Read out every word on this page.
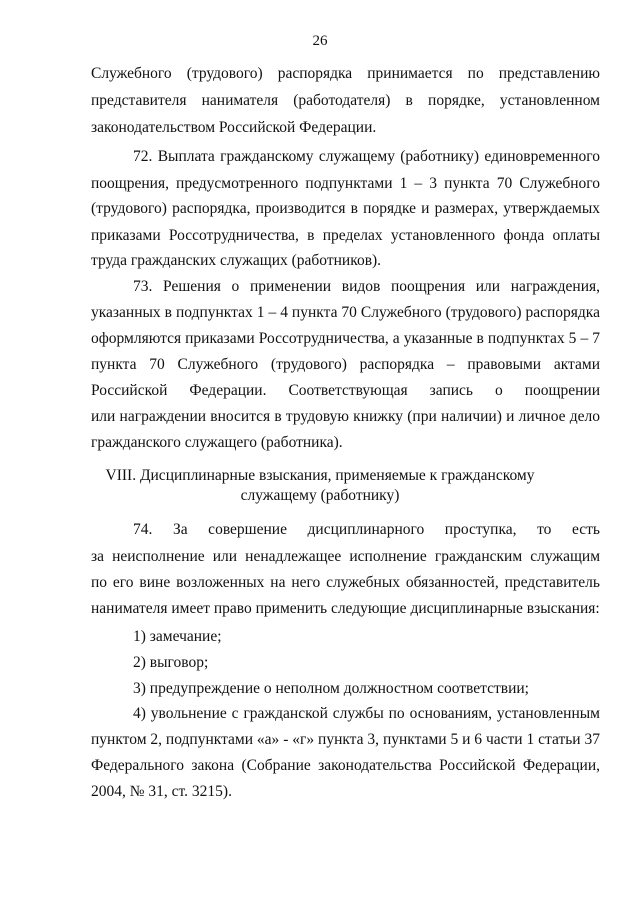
26
Служебного (трудового) распорядка принимается по представлению
представителя нанимателя (работодателя) в порядке, установленном
законодательством Российской Федерации.
72. Выплата гражданскому служащему (работнику) единовременного
поощрения, предусмотренного подпунктами 1 – 3 пункта 70 Служебного
(трудового) распорядка, производится в порядке и размерах, утверждаемых
приказами Россотрудничества, в пределах установленного фонда оплаты
труда гражданских служащих (работников).
73. Решения о применении видов поощрения или награждения,
указанных в подпунктах 1 – 4 пункта 70 Служебного (трудового) распорядка
оформляются приказами Россотрудничества, а указанные в подпунктах 5 – 7
пункта 70 Служебного (трудового) распорядка – правовыми актами
Российской Федерации. Соответствующая запись о поощрении
или награждении вносится в трудовую книжку (при наличии) и личное дело
гражданского служащего (работника).
VIII. Дисциплинарные взыскания, применяемые к гражданскому
служащему (работнику)
74. За совершение дисциплинарного проступка, то есть
за неисполнение или ненадлежащее исполнение гражданским служащим
по его вине возложенных на него служебных обязанностей, представитель
нанимателя имеет право применить следующие дисциплинарные взыскания:
1) замечание;
2) выговор;
3) предупреждение о неполном должностном соответствии;
4) увольнение с гражданской службы по основаниям, установленным
пунктом 2, подпунктами «а» - «г» пункта 3, пунктами 5 и 6 части 1 статьи 37
Федерального закона (Собрание законодательства Российской Федерации,
2004, № 31, ст. 3215).
